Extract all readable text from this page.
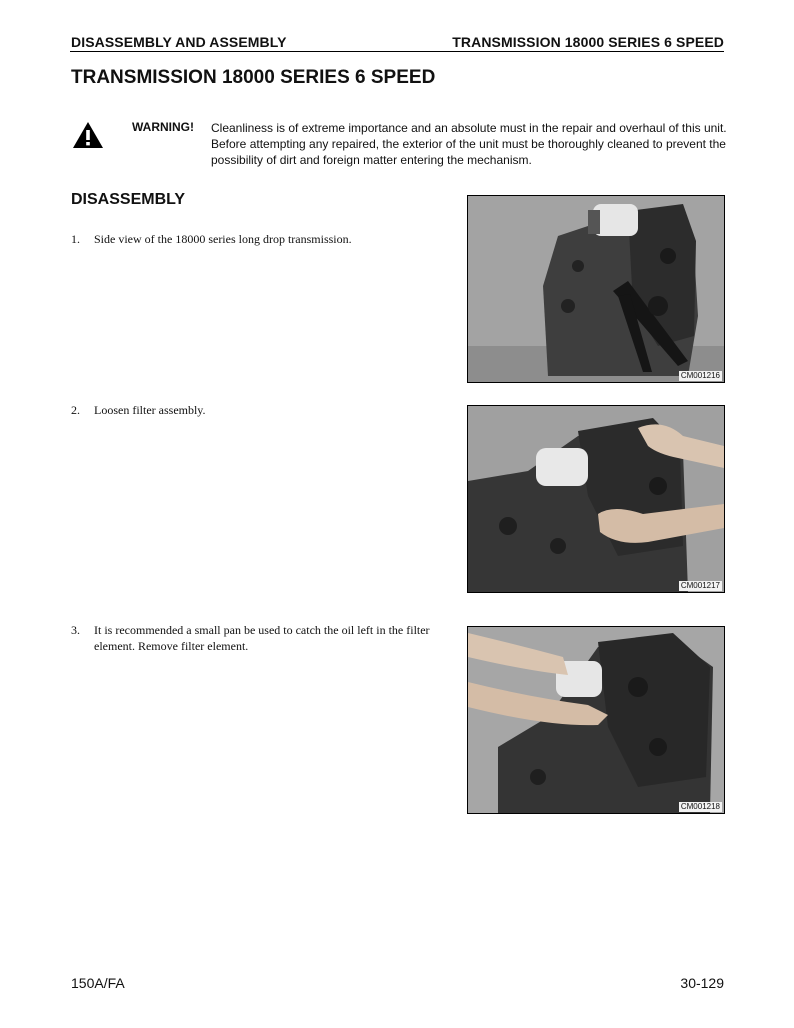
DISASSEMBLY AND ASSEMBLY	TRANSMISSION 18000 SERIES 6 SPEED
TRANSMISSION 18000 SERIES 6 SPEED
WARNING! Cleanliness is of extreme importance and an absolute must in the repair and overhaul of this unit. Before attempting any repaired, the exterior of the unit must be thoroughly cleaned to prevent the possibility of dirt and foreign matter entering the mechanism.
DISASSEMBLY
1. Side view of the 18000 series long drop transmission.
2. Loosen filter assembly.
3. It is recommended a small pan be used to catch the oil left in the filter element. Remove filter element.
CM001216
CM001217
CM001218
150A/FA	30-129
